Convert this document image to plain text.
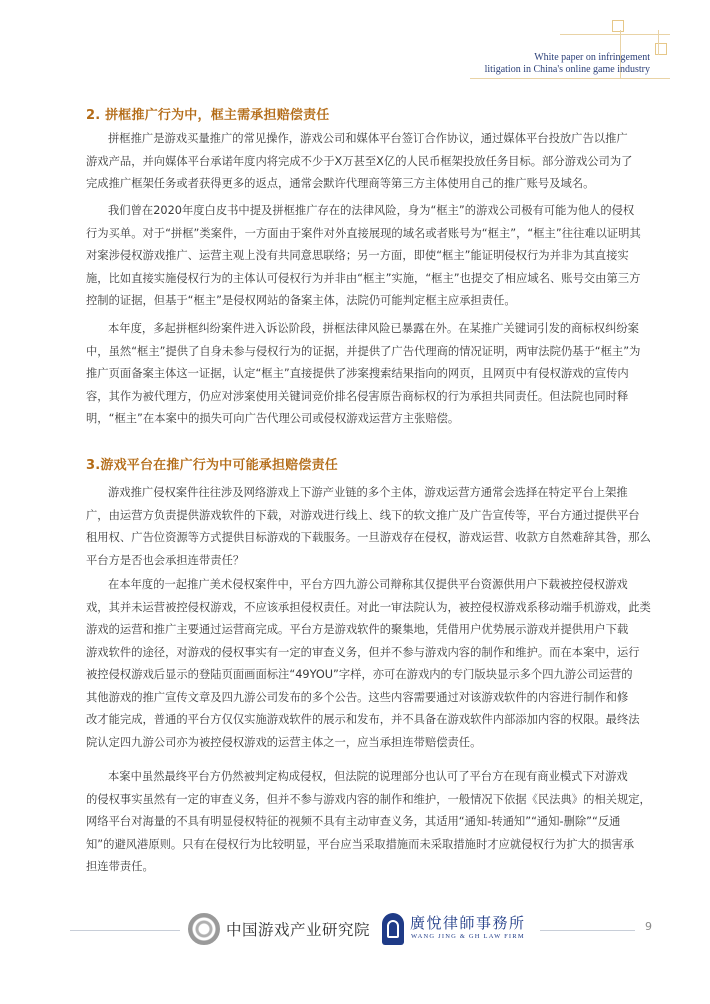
White paper on infringement
litigation in China's online game industry
2. 拼框推广行为中，框主需承担赔偿责任

拼框推广是游戏买量推广的常见操作，游戏公司和媒体平台签订合作协议，通过媒体平台投放广告以推广
游戏产品，并向媒体平台承诺年度内将完成不少于X万甚至X亿的人民币框架投放任务目标。部分游戏公司为了
完成推广框架任务或者获得更多的返点，通常会默许代理商等第三方主体使用自己的推广账号及域名。

我们曾在2020年度白皮书中提及拼框推广存在的法律风险，身为“框主”的游戏公司极有可能为他人的侵权
行为买单。对于“拼框”类案件，一方面由于案件对外直接展现的域名或者账号为“框主”，“框主”往往难以证明其
对案涉侵权游戏推广、运营主观上没有共同意思联络；另一方面，即使“框主”能证明侵权行为并非为其直接实
施，比如直接实施侵权行为的主体认可侵权行为并非由“框主”实施，“框主”也提交了相应域名、账号交由第三方
控制的证据，但基于“框主”是侵权网站的备案主体，法院仍可能判定框主应承担责任。

本年度，多起拼框纠纷案件进入诉讼阶段，拼框法律风险已暴露在外。在某推广关键词引发的商标权纠纷案
中，虽然“框主”提供了自身未参与侵权行为的证据，并提供了广告代理商的情况证明，两审法院仍基于“框主”为
推广页面备案主体这一证据，认定“框主”直接提供了涉案搜索结果指向的网页，且网页中有侵权游戏的宣传内
容，其作为被代理方，仍应对涉案使用关键词竞价排名侵害原告商标权的行为承担共同责任。但法院也同时释
明，“框主”在本案中的损失可向广告代理公司或侵权游戏运营方主张赔偿。

3.游戏平台在推广行为中可能承担赔偿责任

游戏推广侵权案件往往涉及网络游戏上下游产业链的多个主体，游戏运营方通常会选择在特定平台上架推
广，由运营方负责提供游戏软件的下载，对游戏进行线上、线下的软文推广及广告宣传等，平台方通过提供平台
租用权、广告位资源等方式提供目标游戏的下载服务。一旦游戏存在侵权，游戏运营、收款方自然难辞其咎，那么
平台方是否也会承担连带责任？

在本年度的一起推广美术侵权案件中，平台方四九游公司辩称其仅提供平台资源供用户下载被控侵权游戏
戏，其并未运营被控侵权游戏，不应该承担侵权责任。对此一审法院认为，被控侵权游戏系移动端手机游戏，此类
游戏的运营和推广主要通过运营商完成。平台方是游戏软件的聚集地，凭借用户优势展示游戏并提供用户下载
游戏软件的途径，对游戏的侵权事实有一定的审查义务，但并不参与游戏内容的制作和维护。而在本案中，运行
被控侵权游戏后显示的登陆页面画面标注“49YOU”字样，亦可在游戏内的专门版块显示多个四九游公司运营的
其他游戏的推广宣传文章及四九游公司发布的多个公告。这些内容需要通过对该游戏软件的内容进行制作和修
改才能完成，普通的平台方仅仅实施游戏软件的展示和发布，并不具备在游戏软件内部添加内容的权限。最终法
院认定四九游公司亦为被控侵权游戏的运营主体之一，应当承担连带赔偿责任。

本案中虽然最终平台方仍然被判定构成侵权，但法院的说理部分也认可了平台方在现有商业模式下对游戏
的侵权事实虽然有一定的审查义务，但并不参与游戏内容的制作和维护，一般情况下依据《民法典》的相关规定，
网络平台对海量的不具有明显侵权特征的视频不具有主动审查义务，其适用“通知-转通知”“通知-删除”“反通
知”的避风港原则。只有在侵权行为比较明显，平台应当采取措施而未采取措施时才应就侵权行为扩大的损害承
担连带责任。

中国游戏产业研究院	廣悅律師事務所
WANG JING & GH LAW FIRM
9
